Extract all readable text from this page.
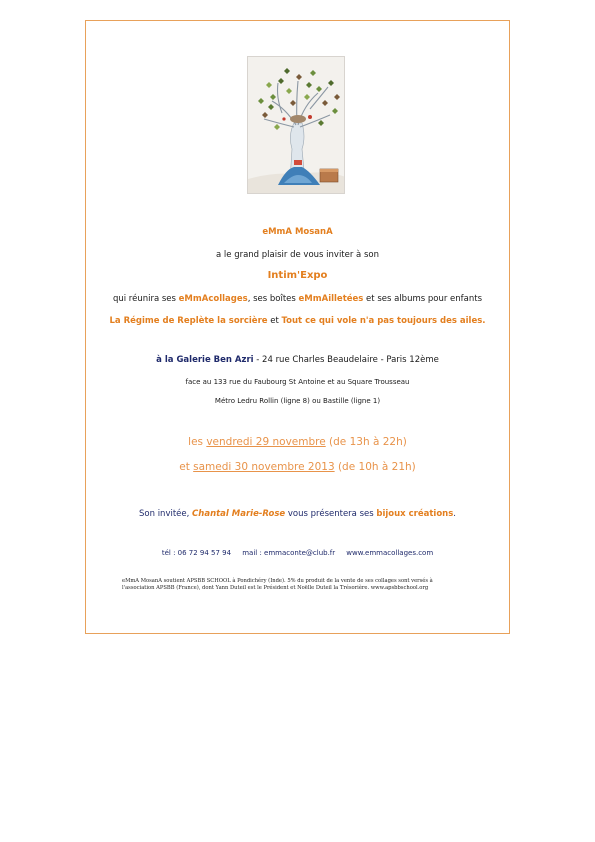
eMmA MosanA
a le grand plaisir de vous inviter à son
Intim'Expo
qui réunira ses eMmAcollages, ses boîtes eMmAilletées et ses albums pour enfants
La Régime de Replète la sorcière et Tout ce qui vole n'a pas toujours des ailes.
à la Galerie Ben Azri - 24 rue Charles Beaudelaire - Paris 12ème
face au 133 rue du Faubourg St Antoine et au Square Trousseau
Métro Ledru Rollin (ligne 8) ou Bastille (ligne 1)
les vendredi 29 novembre (de 13h à 22h)
et samedi 30 novembre 2013 (de 10h à 21h)
Son invitée, Chantal Marie-Rose vous présentera ses bijoux créations.
tél : 06 72 94 57 94 mail : emmaconte@club.fr www.emmacollages.com
eMmA MosanA soutient APSBB SCHOOL à Pondichéry (Inde). 5% du produit de la vente de ses collages sont versés à l'association APSBB (France), dont Yann Duteil est le Président et Noëlle Duteil la Trésorière. www.apsbbschool.org
